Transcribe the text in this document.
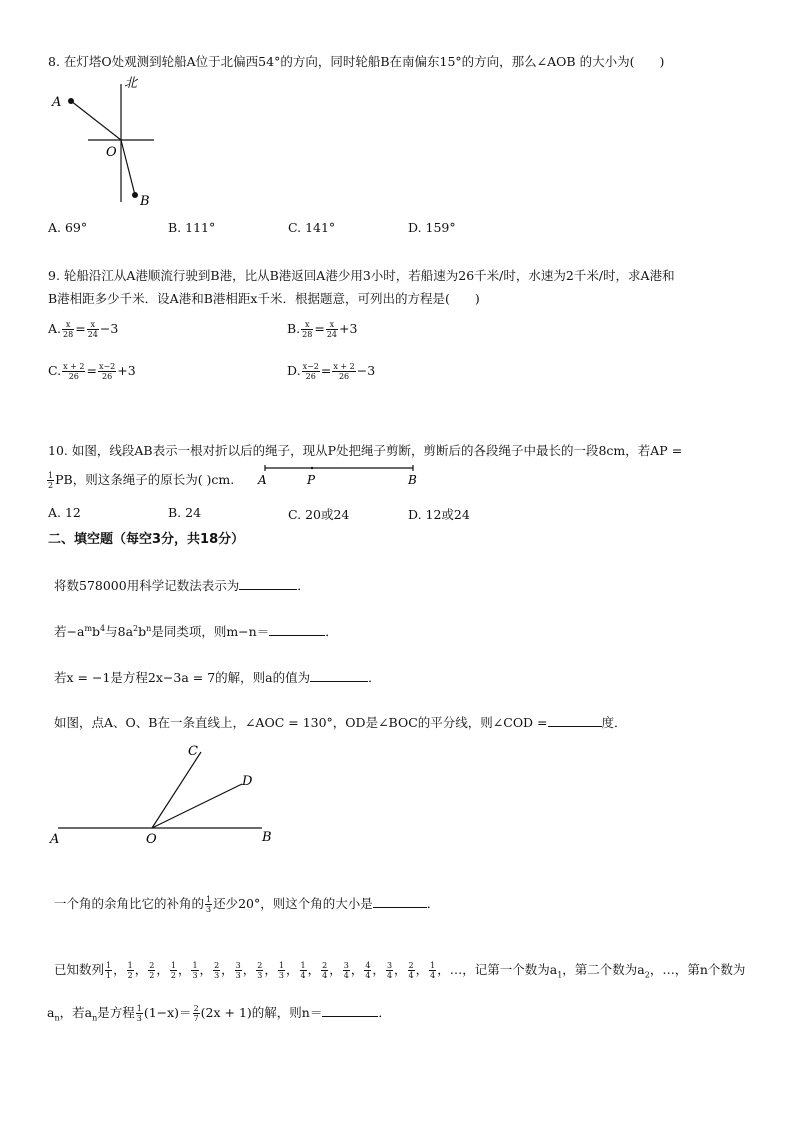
8. 在灯塔O处观测到轮船A位于北偏西54°的方向，同时轮船B在南偏东15°的方向，那么∠AOB 的大小为(　　)
北
A
O
B
A. 69°	B. 111°	C. 141°	D. 159°
9. 轮船沿江从A港顺流行驶到B港，比从B港返回A港少用3小时，若船速为26千米/时，水速为2千米/时，求A港和
B港相距多少千米．设A港和B港相距x千米．根据题意，可列出的方程是(　　)
A. $\frac{x}{28} = \frac{x}{24} -3$	B. $\frac{x}{28} = \frac{x}{24} +3$
C. $\frac{x + 2}{26} = \frac{x-2}{26} +3$	D. $\frac{x-2}{26} = \frac{x + 2}{26} -3$
10. 如图，线段AB表示一根对折以后的绳子，现从P处把绳子剪断，剪断后的各段绳子中最长的一段8cm，若AP =
$\frac{1}{2}$ PB，则这条绳子的原长为( )cm. A	P	B
A. 12	B. 24	C. 20或24	D. 12或24
二、填空题（每空3分，共18分）
将数578000用科学记数法表示为	．
若$-a^mb^4$与$8a^2b^n$是同类项，则m−n＝	．
若x = −1是方程2x−3a = 7的解，则a的值为	．
如图，点A、O、B在一条直线上，∠AOC = 130°，OD是∠BOC的平分线，则∠COD =	度．
C
D
A	O	B
一个角的余角比它的补角的 $\frac{1}{3}$ 还少20°，则这个角的大小是	．
已知数列 $\frac{1}{1}$ ， $\frac{1}{2}$ ， $\frac{2}{2}$ ， $\frac{1}{2}$ ， $\frac{1}{3}$ ， $\frac{2}{3}$ ， $\frac{3}{3}$ ， $\frac{2}{3}$ ， $\frac{1}{3}$ ， $\frac{1}{4}$ ， $\frac{2}{4}$ ， $\frac{3}{4}$ ， $\frac{4}{4}$ ， $\frac{3}{4}$ ， $\frac{2}{4}$ ， $\frac{1}{4}$ ，…，记第一个数为$a_1$，第二个数为$a_2$，…，第n个数为
$a_n$，若$a_n$是方程 $\frac{1}{3} (1-x)= \frac{2}{7} (2x + 1)$的解，则n＝	．
